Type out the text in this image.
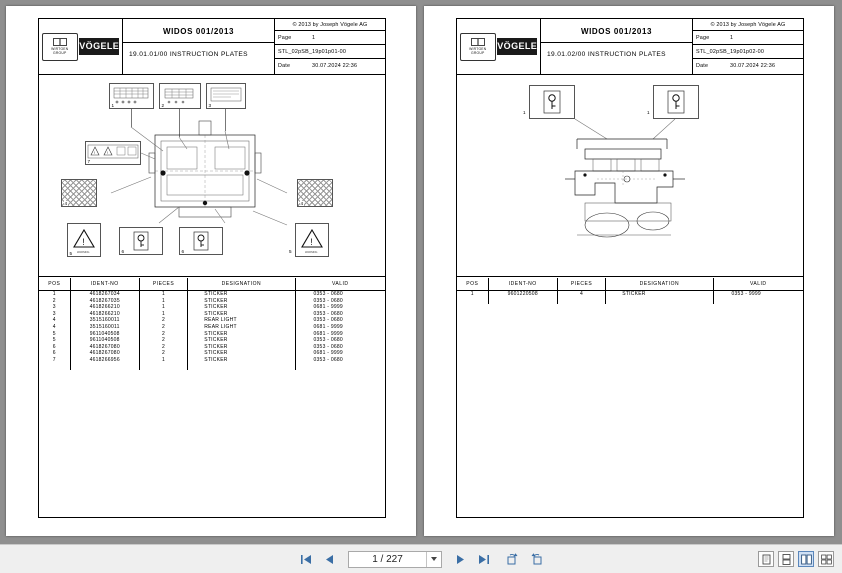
WIRTGEN
GROUP
VÖGELE
WIDOS 001/2013
19.01.01/00 INSTRUCTION PLATES
© 2013 by Joseph Vögele AG
Page	1
STL_02pSB_19p01p01-00
Date	30.07.2024 22:36
1	2	3
!	!
7
4	4
!
WARNING
5	6	6
!
WARNING
5
POS	IDENT-NO	PIECES	DESIGNATION	VALID
1	4618267034	1	STICKER	0353 - 0680
2	4618267035	1	STICKER	0353 - 0680
3	4618266210	1	STICKER	0681 - 9999
3	4618266210	1	STICKER	0353 - 0680
4	3515160011	2	REAR LIGHT	0353 - 0680
4	3515160011	2	REAR LIGHT	0681 - 9999
5	9611040508	2	STICKER	0681 - 9999
5	9611040508	2	STICKER	0353 - 0680
6	4618267080	2	STICKER	0353 - 0680
6	4618267080	2	STICKER	0681 - 9999
7	4618266956	1	STICKER	0353 - 0680

WIRTGEN
GROUP
VÖGELE
WIDOS 001/2013
19.01.02/00 INSTRUCTION PLATES
© 2013 by Joseph Vögele AG
Page	1
STL_02pSB_19p01p02-00
Date	30.07.2024 22:36
1	1
POS	IDENT-NO	PIECES	DESIGNATION	VALID
1	9601220508	4	STICKER	0353 - 9999

1 / 227
